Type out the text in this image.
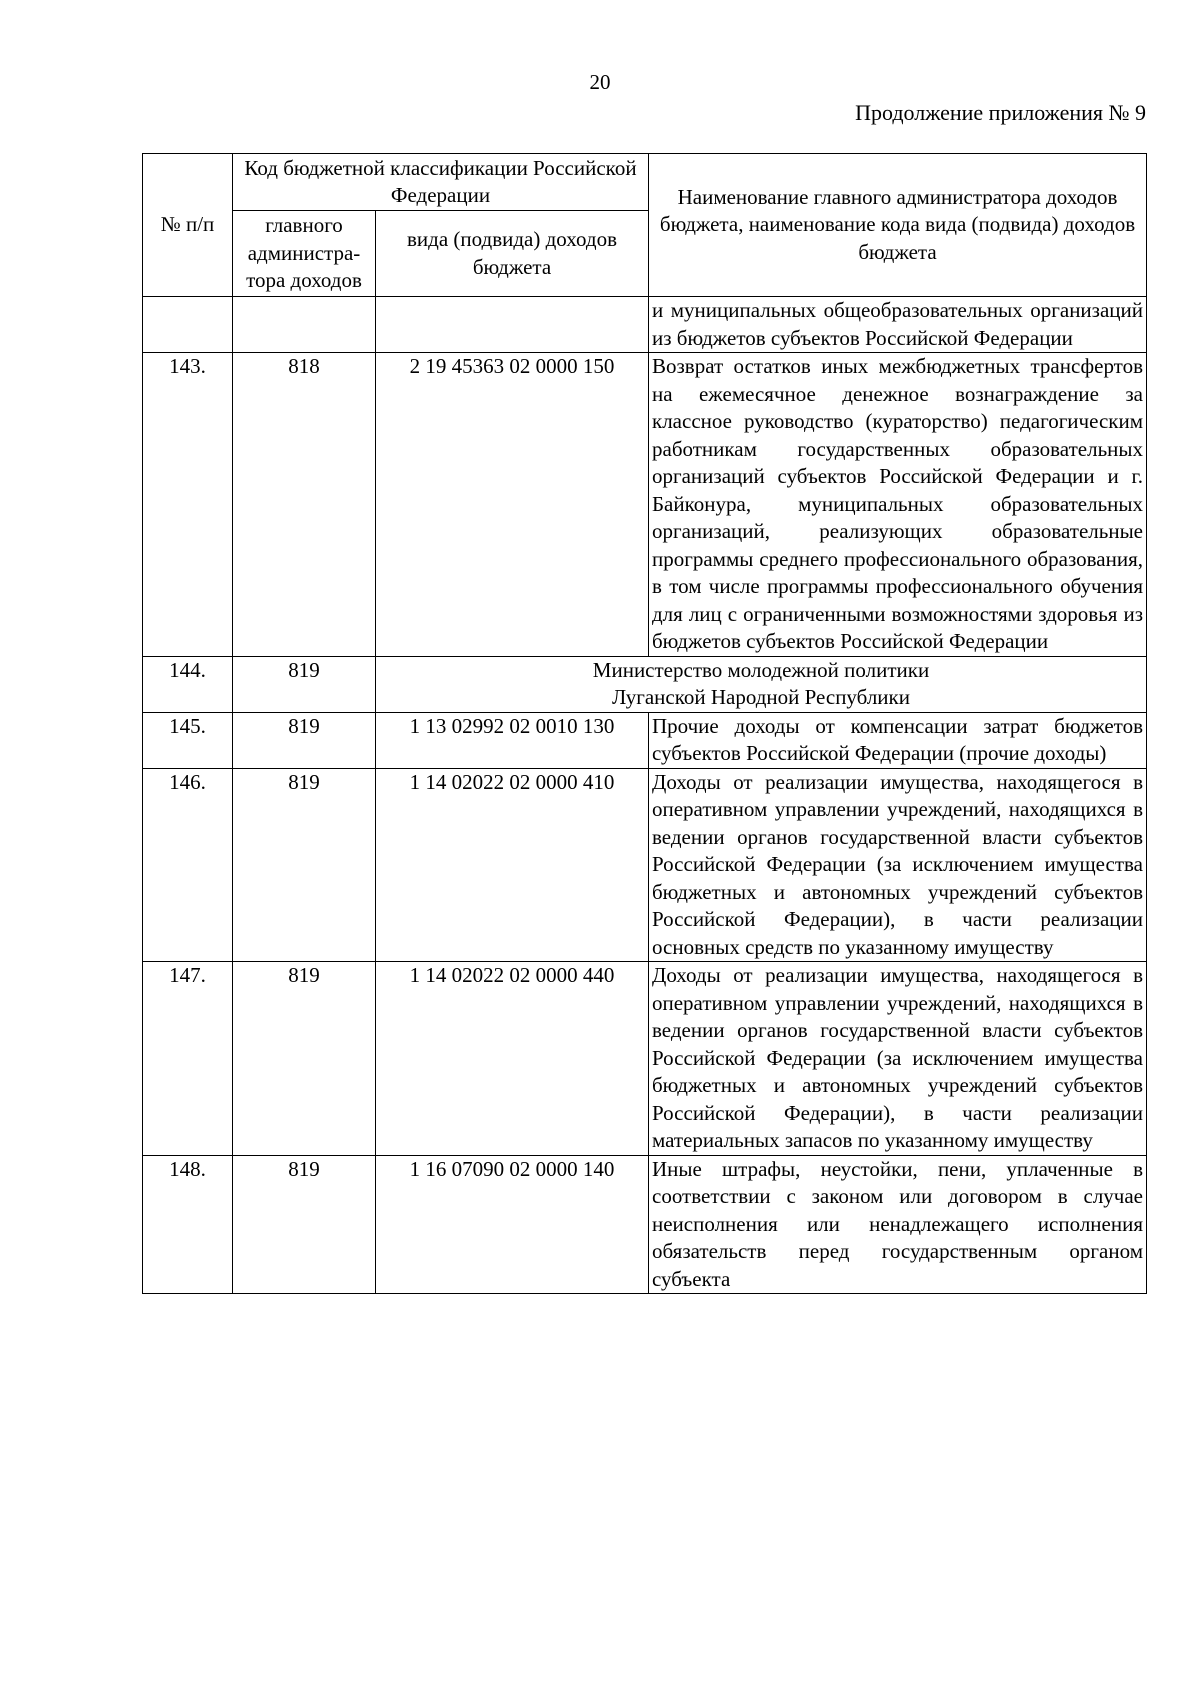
20
Продолжение приложения № 9
№ п/п	Код бюджетной классификации Российской Федерации		Наименование главного администратора доходов бюджета, наименование кода вида (подвида) доходов бюджета
	главного администра-тора доходов	вида (подвида) доходов бюджета	
			и муниципальных общеобразовательных организаций из бюджетов субъектов Российской Федерации
143.	818	2 19 45363 02 0000 150	Возврат остатков иных межбюджетных трансфертов на ежемесячное денежное вознаграждение за классное руководство (кураторство) педагогическим работникам государственных образовательных организаций субъектов Российской Федерации и г. Байконура, муниципальных образовательных организаций, реализующих образовательные программы среднего профессионального образования, в том числе программы профессионального обучения для лиц с ограниченными возможностями здоровья из бюджетов субъектов Российской Федерации
144.	819	Министерство молодежной политики
Луганской Народной Республики	

145.	819	1 13 02992 02 0010 130	Прочие доходы от компенсации затрат бюджетов субъектов Российской Федерации (прочие доходы)
146.	819	1 14 02022 02 0000 410	Доходы от реализации имущества, находящегося в оперативном управлении учреждений, находящихся в ведении органов государственной власти субъектов Российской Федерации (за исключением имущества бюджетных и автономных учреждений субъектов Российской Федерации), в части реализации основных средств по указанному имуществу
147.	819	1 14 02022 02 0000 440	Доходы от реализации имущества, находящегося в оперативном управлении учреждений, находящихся в ведении органов государственной власти субъектов Российской Федерации (за исключением имущества бюджетных и автономных учреждений субъектов Российской Федерации), в части реализации материальных запасов по указанному имуществу
148.	819	1 16 07090 02 0000 140	Иные штрафы, неустойки, пени, уплаченные в соответствии с законом или договором в случае неисполнения или ненадлежащего исполнения обязательств перед государственным органом субъекта
